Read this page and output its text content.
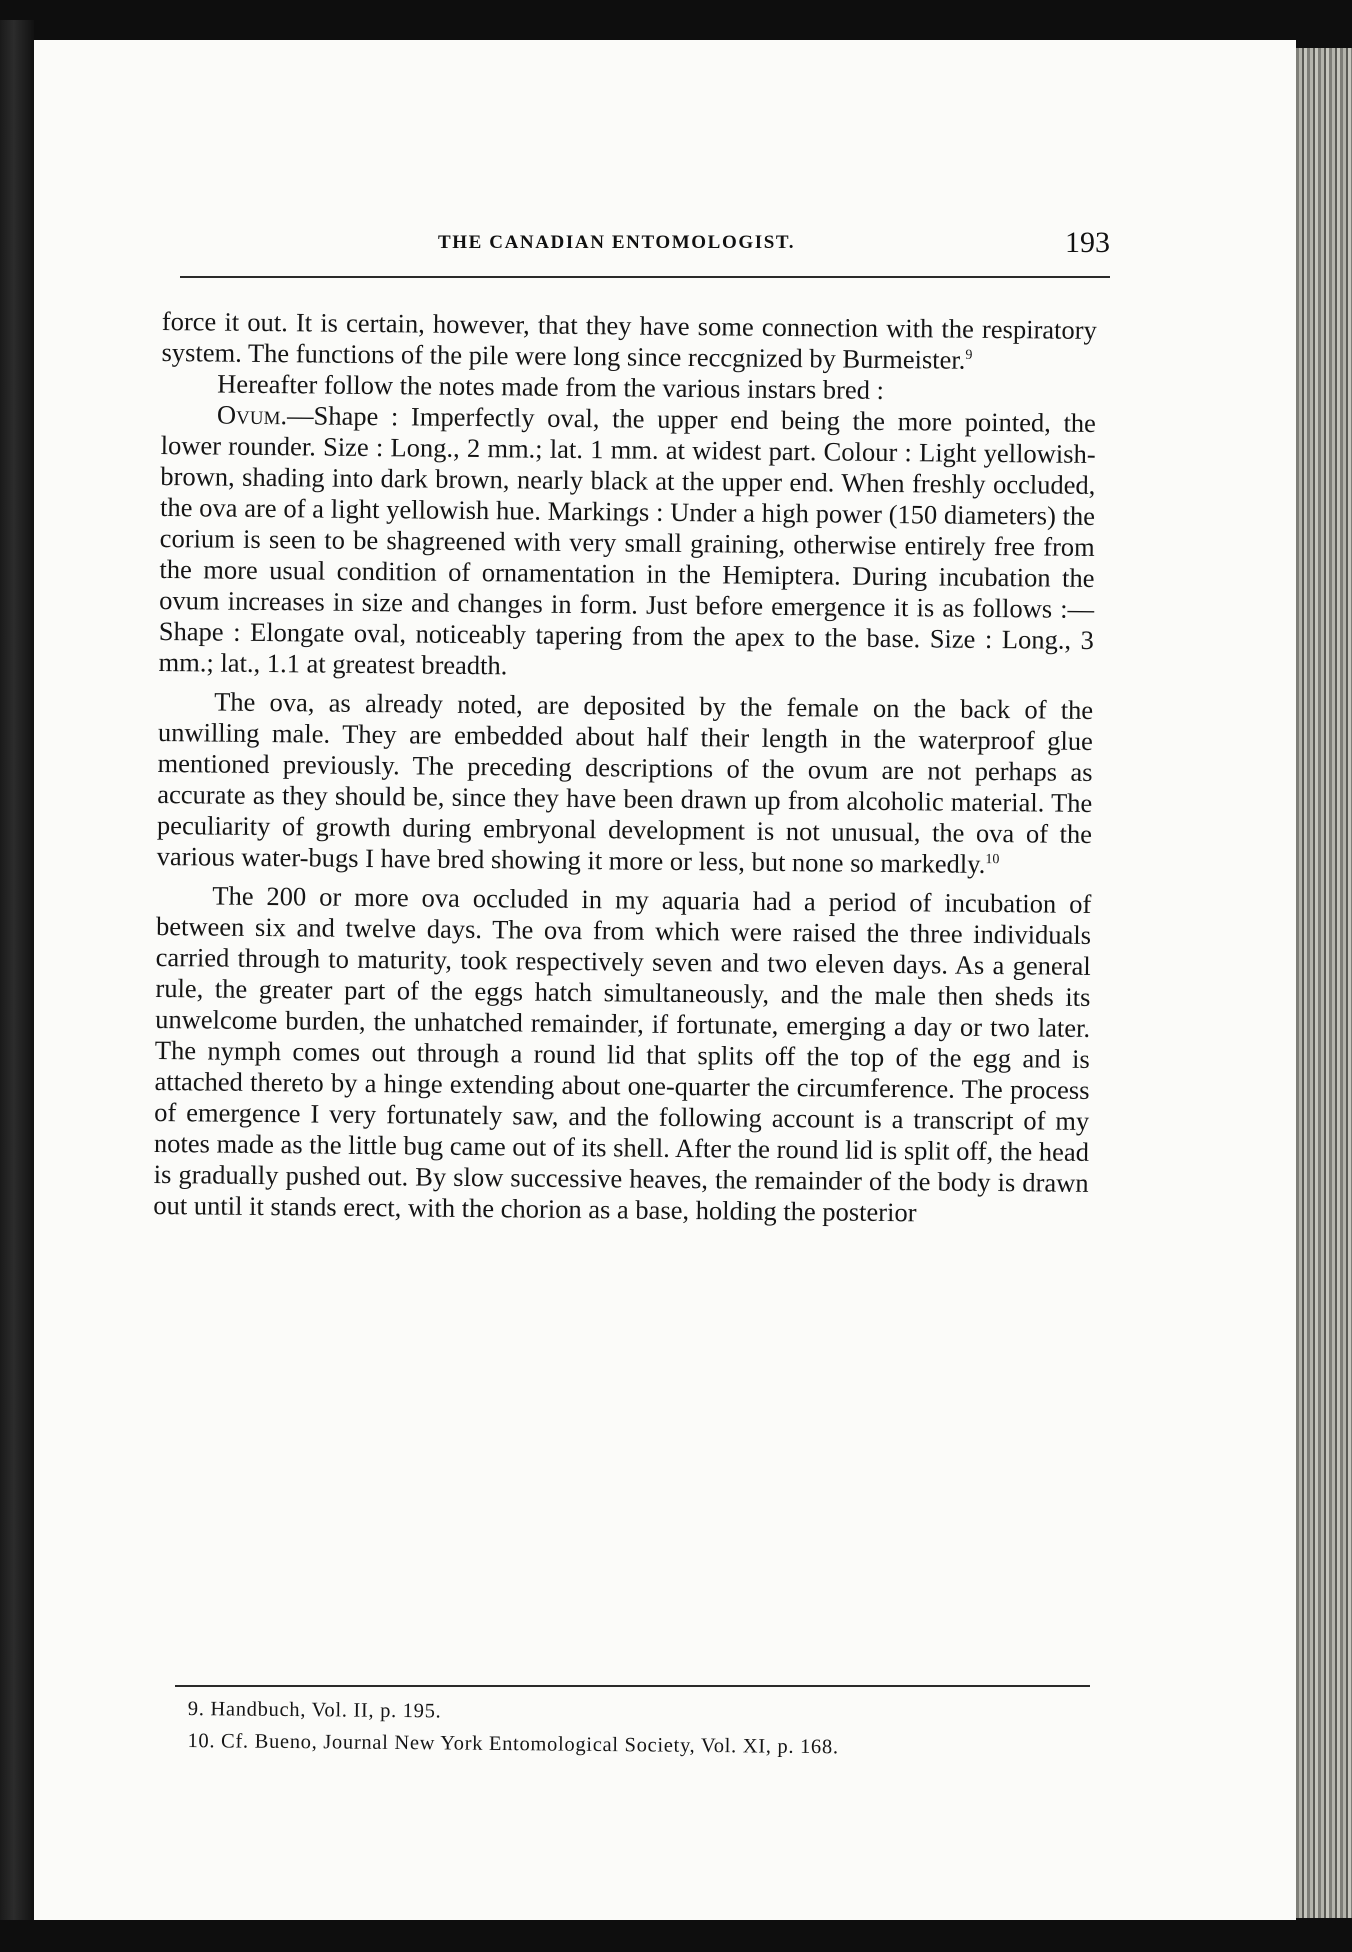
THE CANADIAN ENTOMOLOGIST.	193

force it out. It is certain, however, that they have some connection with the respiratory system. The functions of the pile were long since reccgnized by Burmeister.$^9$

Hereafter follow the notes made from the various instars bred :

Ovum.—Shape : Imperfectly oval, the upper end being the more pointed, the lower rounder. Size : Long., 2 mm.; lat. 1 mm. at widest part. Colour : Light yellowish-brown, shading into dark brown, nearly black at the upper end. When freshly occluded, the ova are of a light yellowish hue. Markings : Under a high power (150 diameters) the corium is seen to be shagreened with very small graining, otherwise entirely free from the more usual condition of ornamentation in the Hemiptera. During incubation the ovum increases in size and changes in form. Just before emergence it is as follows :—Shape : Elongate oval, noticeably tapering from the apex to the base. Size : Long., 3 mm.; lat., 1.1 at greatest breadth.

The ova, as already noted, are deposited by the female on the back of the unwilling male. They are embedded about half their length in the waterproof glue mentioned previously. The preceding descriptions of the ovum are not perhaps as accurate as they should be, since they have been drawn up from alcoholic material. The peculiarity of growth during embryonal development is not unusual, the ova of the various water-bugs I have bred showing it more or less, but none so markedly.$^{10}$

The 200 or more ova occluded in my aquaria had a period of incubation of between six and twelve days. The ova from which were raised the three individuals carried through to maturity, took respectively seven and two eleven days. As a general rule, the greater part of the eggs hatch simultaneously, and the male then sheds its unwelcome burden, the unhatched remainder, if fortunate, emerging a day or two later. The nymph comes out through a round lid that splits off the top of the egg and is attached thereto by a hinge extending about one-quarter the circumference. The process of emergence I very fortunately saw, and the following account is a transcript of my notes made as the little bug came out of its shell. After the round lid is split off, the head is gradually pushed out. By slow successive heaves, the remainder of the body is drawn out until it stands erect, with the chorion as a base, holding the posterior

9. Handbuch, Vol. II, p. 195.

10. Cf. Bueno, Journal New York Entomological Society, Vol. XI, p. 168.
